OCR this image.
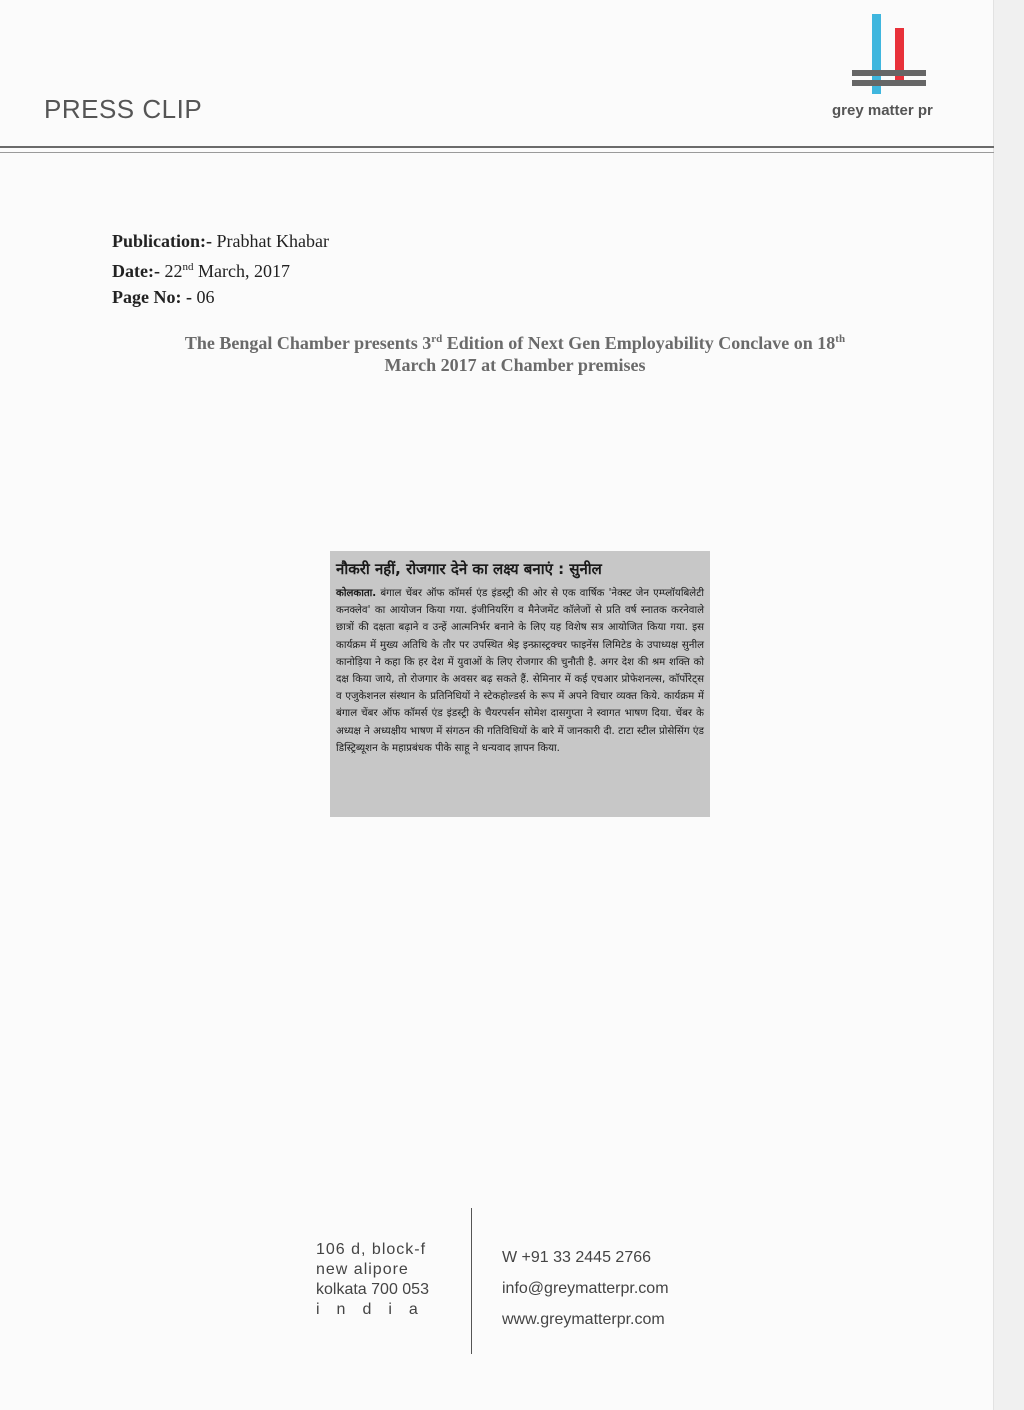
PRESS CLIP	grey matter pr
Publication:- Prabhat Khabar
Date:- 22nd March, 2017
Page No: - 06
The Bengal Chamber presents 3rd Edition of Next Gen Employability Conclave on 18th
March 2017 at Chamber premises
नौकरी नहीं, रोजगार देने का लक्ष्य बनाएं : सुनील
कोलकाता. बंगाल चेंबर ऑफ कॉमर्स एंड इंडस्ट्री की ओर से एक वार्षिक 'नेक्स्ट जेन एम्प्लॉयबिलेटी कनक्लेव' का आयोजन किया गया. इंजीनियरिंग व मैनेजमेंट कॉलेजों से प्रति वर्ष स्नातक करनेवाले छात्रों की दक्षता बढ़ाने व उन्हें आत्मनिर्भर बनाने के लिए यह विशेष सत्र आयोजित किया गया. इस कार्यक्रम में मुख्य अतिथि के तौर पर उपस्थित श्रेइ इन्फ्रास्ट्रक्चर फाइनेंस लिमिटेड के उपाध्यक्ष सुनील कानोड़िया ने कहा कि हर देश में युवाओं के लिए रोजगार की चुनौती है. अगर देश की श्रम शक्ति को दक्ष किया जाये, तो रोजगार के अवसर बढ़ सकते हैं. सेमिनार में कई एचआर प्रोफेशनल्स, कॉर्पोरेट्स व एजुकेशनल संस्थान के प्रतिनिधियों ने स्टेकहोल्डर्स के रूप में अपने विचार व्यक्त किये. कार्यक्रम में बंगाल चेंबर ऑफ कॉमर्स एंड इंडस्ट्री के चैयरपर्सन सोमेश दासगुप्ता ने स्वागत भाषण दिया. चेंबर के अध्यक्ष ने अध्यक्षीय भाषण में संगठन की गतिविधियों के बारे में जानकारी दी. टाटा स्टील प्रोसेसिंग एंड डिस्ट्रिब्यूशन के महाप्रबंधक पीके साहू ने धन्यवाद ज्ञापन किया.
106 d, block-f
new alipore
kolkata 700 053
india
W +91 33 2445 2766
info@greymatterpr.com
www.greymatterpr.com
